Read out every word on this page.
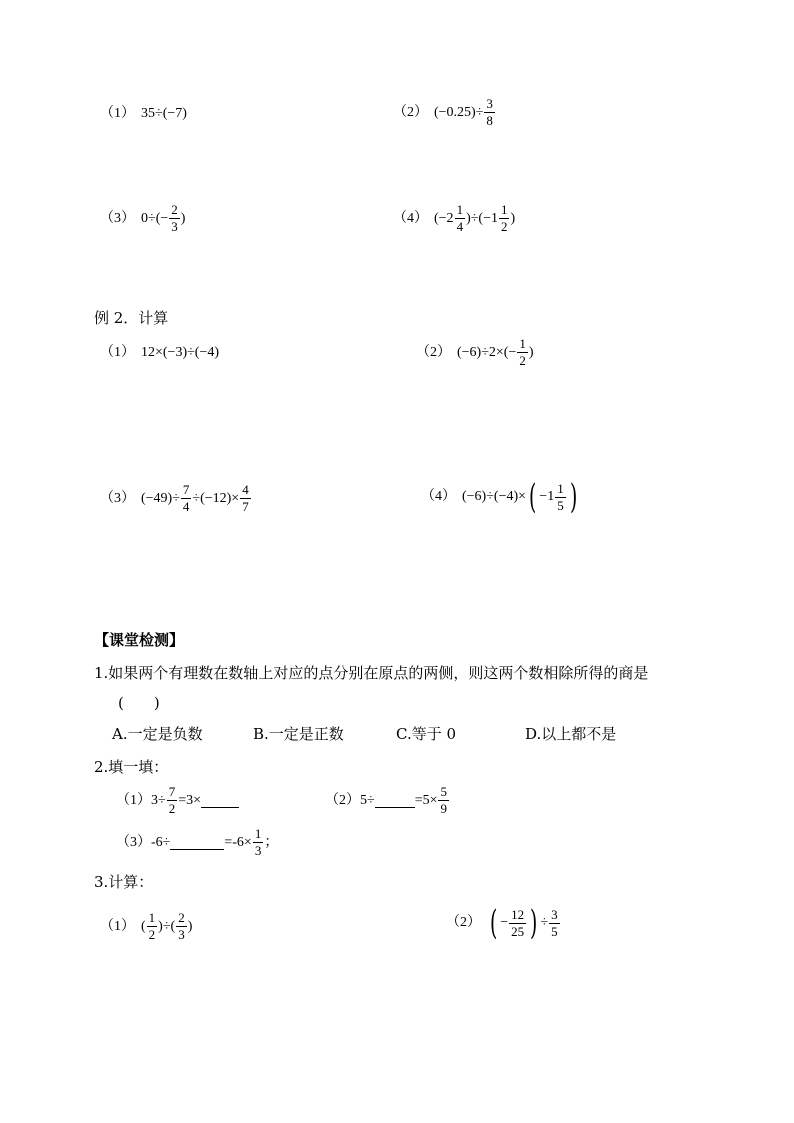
（1） 35 ÷ (−7)	（2） $(-0.25) \div \frac{3}{8}$
（3） 0 ÷ (− $\frac{2}{3}$ )	（4） ($-2 \frac{1}{4}$ ) ÷ ($-1 \frac{1}{2}$ )
例 2．计算
（1） 12×(−3)÷(−4)	（2） $(-6)\div 2\times(- \frac{1}{2}$ )
（3） $(-49)\div \frac{7}{4} \div(-12)\times \frac{4}{7}$	（4） (−6)÷(−4)× ( $-1 \frac{1}{5}$ )
【课堂检测】
1.如果两个有理数在数轴上对应的点分别在原点的两侧，则这两个数相除所得的商是
(　　)
A.一定是负数	B.一定是正数	C.等于 0	D.以上都不是
2.填一填：
$(1)3\div \frac{7}{2} =3\times$	（2）5÷	$=5\times \frac{5}{9}$
（3）-6÷	$=-6\times \frac{1}{3}$ ；
3.计算：
（1） ( $\frac{1}{2}$ )÷( $\frac{2}{3}$ )	（2） ( − $\frac{12}{25}$ ) ÷ $\frac{3}{5}$
